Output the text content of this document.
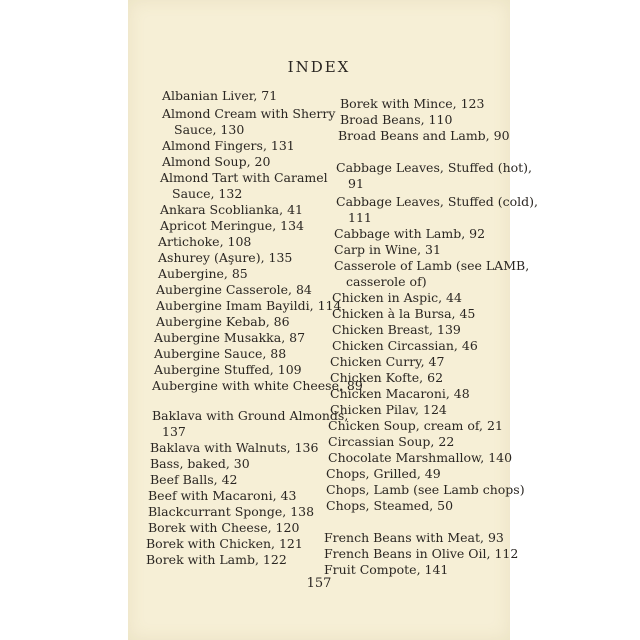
INDEX
Albanian Liver, 71
Almond Cream with Sherry
Sauce, 130
Almond Fingers, 131
Almond Soup, 20
Almond Tart with Caramel
Sauce, 132
Ankara Scoblianka, 41
Apricot Meringue, 134
Artichoke, 108
Ashurey (Aşure), 135
Aubergine, 85
Aubergine Casserole, 84
Aubergine Imam Bayildi, 114
Aubergine Kebab, 86
Aubergine Musakka, 87
Aubergine Sauce, 88
Aubergine Stuffed, 109
Aubergine with white Cheese, 89
Baklava with Ground Almonds,
137
Baklava with Walnuts, 136
Bass, baked, 30
Beef Balls, 42
Beef with Macaroni, 43
Blackcurrant Sponge, 138
Borek with Cheese, 120
Borek with Chicken, 121
Borek with Lamb, 122
Borek with Mince, 123
Broad Beans, 110
Broad Beans and Lamb, 90
Cabbage Leaves, Stuffed (hot),
91
Cabbage Leaves, Stuffed (cold),
111
Cabbage with Lamb, 92
Carp in Wine, 31
Casserole of Lamb (see LAMB,
casserole of)
Chicken in Aspic, 44
Chicken à la Bursa, 45
Chicken Breast, 139
Chicken Circassian, 46
Chicken Curry, 47
Chicken Kofte, 62
Chicken Macaroni, 48
Chicken Pilav, 124
Chicken Soup, cream of, 21
Circassian Soup, 22
Chocolate Marshmallow, 140
Chops, Grilled, 49
Chops, Lamb (see Lamb chops)
Chops, Steamed, 50
French Beans with Meat, 93
French Beans in Olive Oil, 112
Fruit Compote, 141
157
